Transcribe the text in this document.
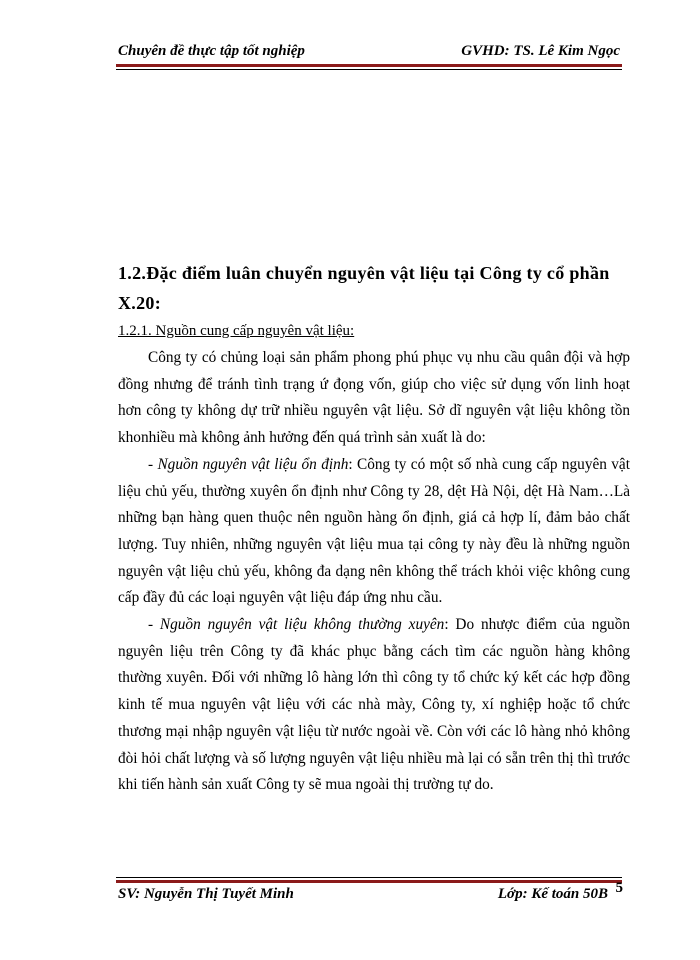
Chuyên đề thực tập tốt nghiệp	GVHD: TS. Lê Kim Ngọc
1.2.Đặc điểm luân chuyển nguyên vật liệu tại Công ty cổ phần X.20:
1.2.1. Nguồn cung cấp nguyên vật liệu:

Công ty có chủng loại sản phẩm phong phú phục vụ nhu cầu quân đội và hợp đồng nhưng để tránh tình trạng ứ đọng vốn, giúp cho việc sử dụng vốn linh hoạt hơn công ty không dự trữ nhiều nguyên vật liệu. Sở dĩ nguyên vật liệu không tồn khonhiều mà không ảnh hưởng đến quá trình sản xuất là do:

- Nguồn nguyên vật liệu ổn định: Công ty có một số nhà cung cấp nguyên vật liệu chủ yếu, thường xuyên ổn định như Công ty 28, dệt Hà Nội, dệt Hà Nam…Là những bạn hàng quen thuộc nên nguồn hàng ổn định, giá cả hợp lí, đảm bảo chất lượng. Tuy nhiên, những nguyên vật liệu mua tại công ty này đều là những nguồn nguyên vật liệu chủ yếu, không đa dạng nên không thể trách khỏi việc không cung cấp đầy đủ các loại nguyên vật liệu đáp ứng nhu cầu.

- Nguồn nguyên vật liệu không thường xuyên: Do nhược điểm của nguồn nguyên liệu trên Công ty đã khác phục bằng cách tìm các nguồn hàng không thường xuyên. Đối với những lô hàng lớn thì công ty tổ chức ký kết các hợp đồng kinh tế mua nguyên vật liệu với các nhà mày, Công ty, xí nghiệp hoặc tổ chức thương mại nhập nguyên vật liệu từ nước ngoài về. Còn với các lô hàng nhỏ không đòi hỏi chất lượng và số lượng nguyên vật liệu nhiều mà lại có sẵn trên thị thì trước khi tiến hành sản xuất Công ty sẽ mua ngoài thị trường tự do.

SV: Nguyễn Thị Tuyết Minh	Lớp: Kế toán 50B 5
